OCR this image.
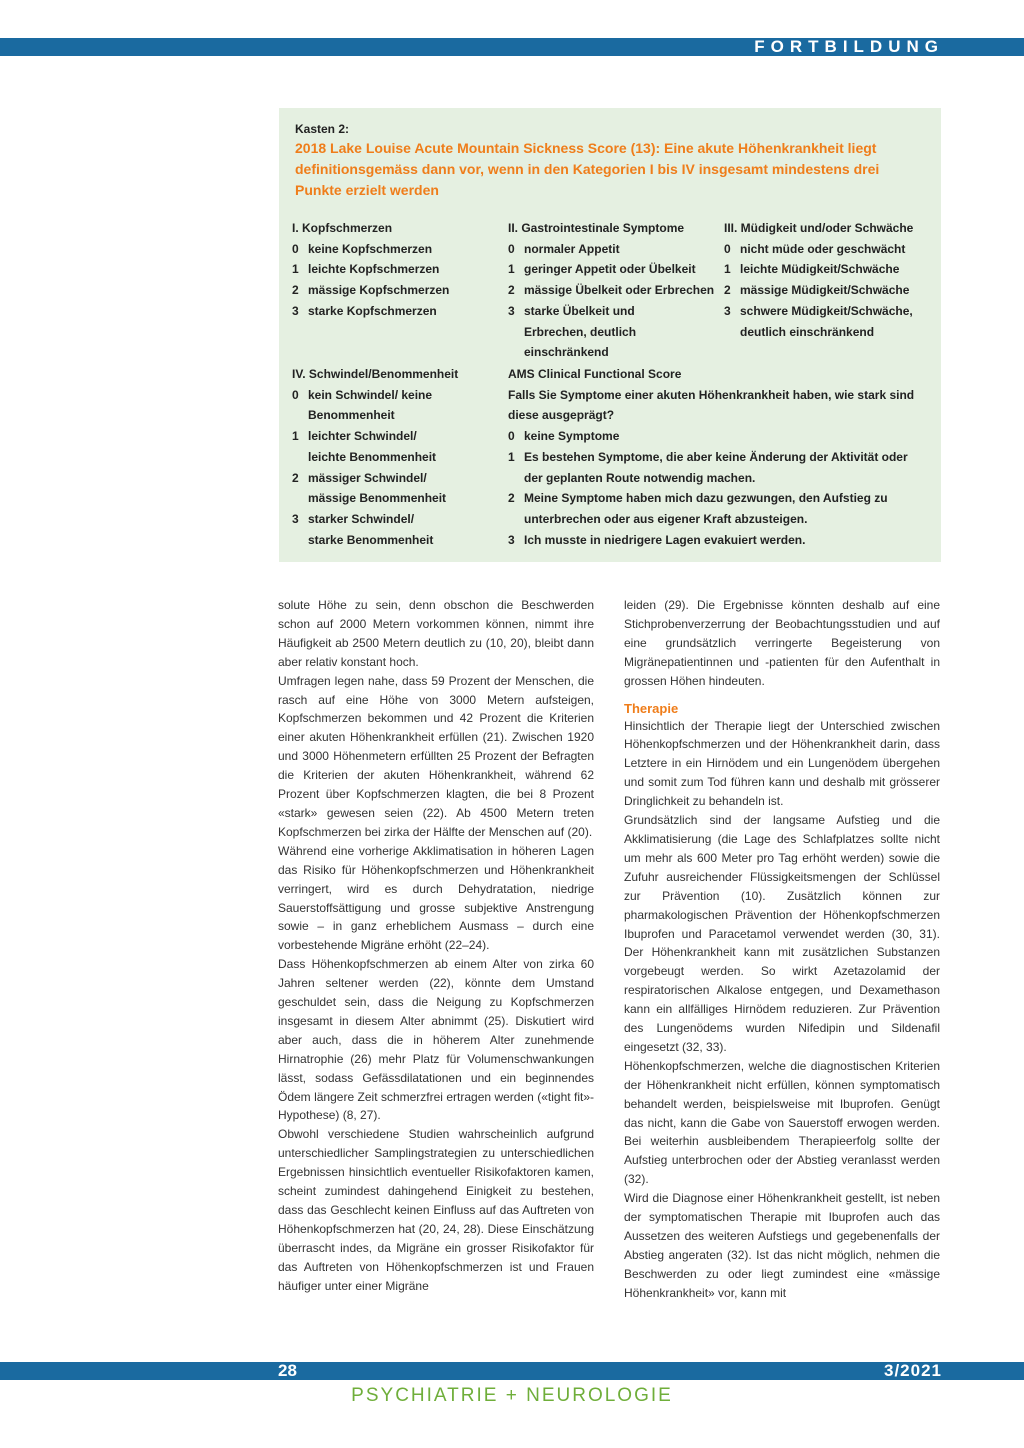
FORTBILDUNG
Kasten 2:
2018 Lake Louise Acute Mountain Sickness Score (13): Eine akute Höhenkrankheit liegt definitionsgemäss dann vor, wenn in den Kategorien I bis IV insgesamt mindestens drei Punkte erzielt werden
I. Kopfschmerzen
0 keine Kopfschmerzen
1 leichte Kopfschmerzen
2 mässige Kopfschmerzen
3 starke Kopfschmerzen
II. Gastrointestinale Symptome
0 normaler Appetit
1 geringer Appetit oder Übelkeit
2 mässige Übelkeit oder Erbrechen
3 starke Übelkeit und Erbrechen, deutlich einschränkend
III. Müdigkeit und/oder Schwäche
0 nicht müde oder geschwächt
1 leichte Müdigkeit/Schwäche
2 mässige Müdigkeit/Schwäche
3 schwere Müdigkeit/Schwäche, deutlich einschränkend
IV. Schwindel/Benommenheit
0 kein Schwindel/ keine Benommenheit
1 leichter Schwindel/ leichte Benommenheit
2 mässiger Schwindel/ mässige Benommenheit
3 starker Schwindel/ starke Benommenheit
AMS Clinical Functional Score
Falls Sie Symptome einer akuten Höhenkrankheit haben, wie stark sind diese ausgeprägt?
0 keine Symptome
1 Es bestehen Symptome, die aber keine Änderung der Aktivität oder der geplanten Route notwendig machen.
2 Meine Symptome haben mich dazu gezwungen, den Aufstieg zu unterbrechen oder aus eigener Kraft abzusteigen.
3 Ich musste in niedrigere Lagen evakuiert werden.

solute Höhe zu sein, denn obschon die Beschwerden schon auf 2000 Metern vorkommen können, nimmt ihre Häufigkeit ab 2500 Metern deutlich zu (10, 20), bleibt dann aber relativ konstant hoch.

Umfragen legen nahe, dass 59 Prozent der Menschen, die rasch auf eine Höhe von 3000 Metern aufsteigen, Kopfschmerzen bekommen und 42 Prozent die Kriterien einer akuten Höhenkrankheit erfüllen (21). Zwischen 1920 und 3000 Höhenmetern erfüllten 25 Prozent der Befragten die Kriterien der akuten Höhenkrankheit, während 62 Prozent über Kopfschmerzen klagten, die bei 8 Prozent «stark» gewesen seien (22). Ab 4500 Metern treten Kopfschmerzen bei zirka der Hälfte der Menschen auf (20).

Während eine vorherige Akklimatisation in höheren Lagen das Risiko für Höhenkopfschmerzen und Höhenkrankheit verringert, wird es durch Dehydratation, niedrige Sauerstoffsättigung und grosse subjektive Anstrengung sowie – in ganz erheblichem Ausmass – durch eine vorbestehende Migräne erhöht (22–24).

Dass Höhenkopfschmerzen ab einem Alter von zirka 60 Jahren seltener werden (22), könnte dem Umstand geschuldet sein, dass die Neigung zu Kopfschmerzen insgesamt in diesem Alter abnimmt (25). Diskutiert wird aber auch, dass die in höherem Alter zunehmende Hirnatrophie (26) mehr Platz für Volumenschwankungen lässt, sodass Gefässdilatationen und ein beginnendes Ödem längere Zeit schmerzfrei ertragen werden («tight fit»-Hypothese) (8, 27).

Obwohl verschiedene Studien wahrscheinlich aufgrund unterschiedlicher Samplingstrategien zu unterschiedlichen Ergebnissen hinsichtlich eventueller Risikofaktoren kamen, scheint zumindest dahingehend Einigkeit zu bestehen, dass das Geschlecht keinen Einfluss auf das Auftreten von Höhenkopfschmerzen hat (20, 24, 28). Diese Einschätzung überrascht indes, da Migräne ein grosser Risikofaktor für das Auftreten von Höhenkopfschmerzen ist und Frauen häufiger unter einer Migräne

leiden (29). Die Ergebnisse könnten deshalb auf eine Stichprobenverzerrung der Beobachtungsstudien und auf eine grundsätzlich verringerte Begeisterung von Migränepatientinnen und -patienten für den Aufenthalt in grossen Höhen hindeuten.

Therapie

Hinsichtlich der Therapie liegt der Unterschied zwischen Höhenkopfschmerzen und der Höhenkrankheit darin, dass Letztere in ein Hirnödem und ein Lungenödem übergehen und somit zum Tod führen kann und deshalb mit grösserer Dringlichkeit zu behandeln ist.

Grundsätzlich sind der langsame Aufstieg und die Akklimatisierung (die Lage des Schlafplatzes sollte nicht um mehr als 600 Meter pro Tag erhöht werden) sowie die Zufuhr ausreichender Flüssigkeitsmengen der Schlüssel zur Prävention (10). Zusätzlich können zur pharmakologischen Prävention der Höhenkopfschmerzen Ibuprofen und Paracetamol verwendet werden (30, 31). Der Höhenkrankheit kann mit zusätzlichen Substanzen vorgebeugt werden. So wirkt Azetazolamid der respiratorischen Alkalose entgegen, und Dexamethason kann ein allfälliges Hirnödem reduzieren. Zur Prävention des Lungenödems wurden Nifedipin und Sildenafil eingesetzt (32, 33).

Höhenkopfschmerzen, welche die diagnostischen Kriterien der Höhenkrankheit nicht erfüllen, können symptomatisch behandelt werden, beispielsweise mit Ibuprofen. Genügt das nicht, kann die Gabe von Sauerstoff erwogen werden. Bei weiterhin ausbleibendem Therapieerfolg sollte der Aufstieg unterbrochen oder der Abstieg veranlasst werden (32).

Wird die Diagnose einer Höhenkrankheit gestellt, ist neben der symptomatischen Therapie mit Ibuprofen auch das Aussetzen des weiteren Aufstiegs und gegebenenfalls der Abstieg angeraten (32). Ist das nicht möglich, nehmen die Beschwerden zu oder liegt zumindest eine «mässige Höhenkrankheit» vor, kann mit

28	3/2021
PSYCHIATRIE + NEUROLOGIE
